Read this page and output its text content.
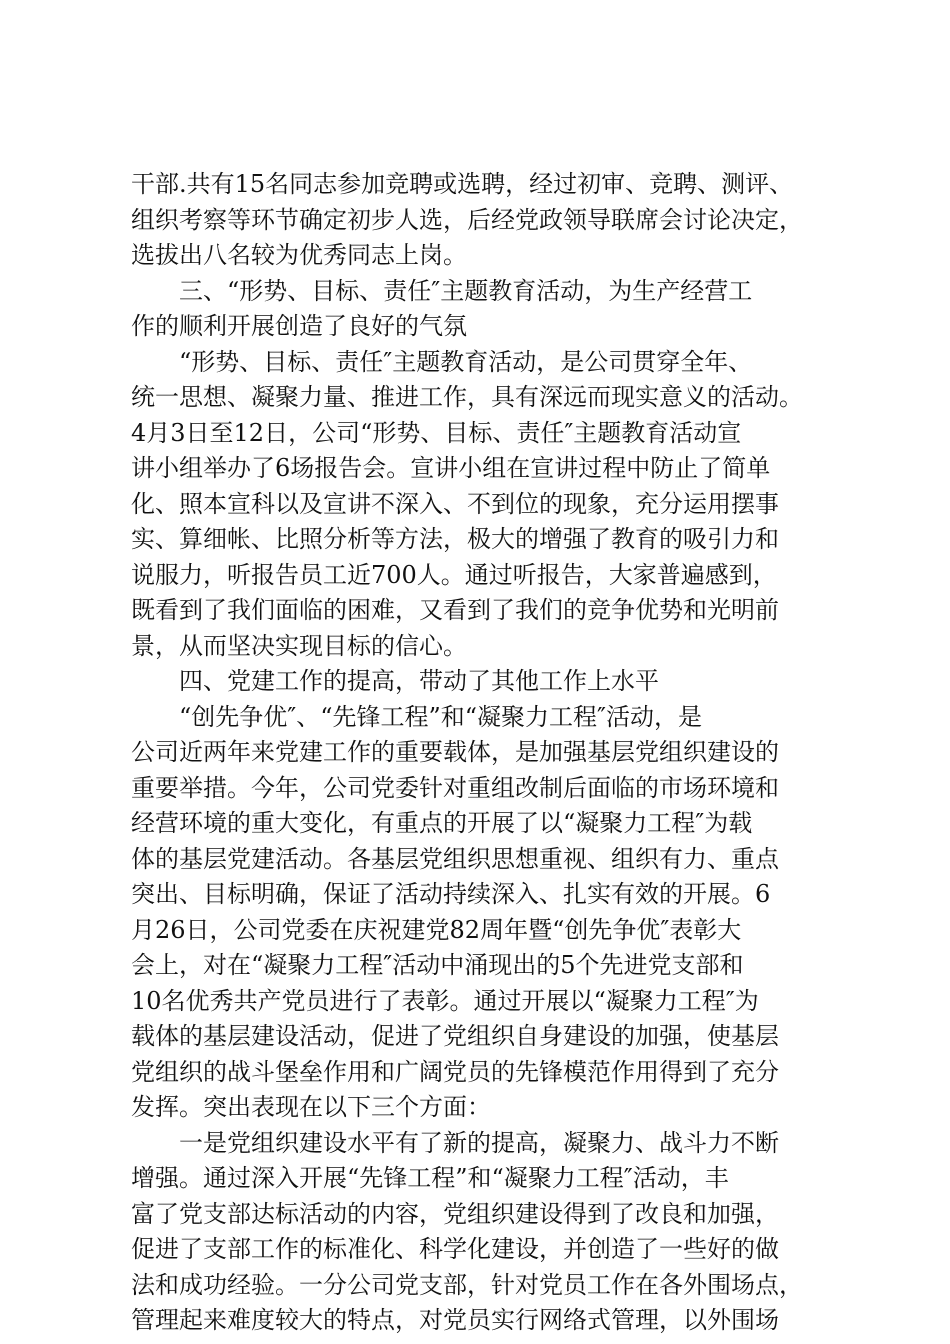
干部.共有15名同志参加竞聘或选聘，经过初审、竞聘、测评、
组织考察等环节确定初步人选，后经党政领导联席会讨论决定，
选拔出八名较为优秀同志上岗。
三、“形势、目标、责任″主题教育活动，为生产经营工
作的顺利开展创造了良好的气氛
“形势、目标、责任″主题教育活动，是公司贯穿全年、
统一思想、凝聚力量、推进工作，具有深远而现实意义的活动。
4月3日至12日，公司“形势、目标、责任″主题教育活动宣
讲小组举办了6场报告会。宣讲小组在宣讲过程中防止了简单
化、照本宣科以及宣讲不深入、不到位的现象，充分运用摆事
实、算细帐、比照分析等方法，极大的增强了教育的吸引力和
说服力，听报告员工近700人。通过听报告，大家普遍感到，
既看到了我们面临的困难，又看到了我们的竞争优势和光明前
景，从而坚决实现目标的信心。
四、党建工作的提高，带动了其他工作上水平
“创先争优″、“先锋工程”和“凝聚力工程″活动，是
公司近两年来党建工作的重要载体，是加强基层党组织建设的
重要举措。今年，公司党委针对重组改制后面临的市场环境和
经营环境的重大变化，有重点的开展了以“凝聚力工程″为载
体的基层党建活动。各基层党组织思想重视、组织有力、重点
突出、目标明确，保证了活动持续深入、扎实有效的开展。6
月26日，公司党委在庆祝建党82周年暨“创先争优″表彰大
会上，对在“凝聚力工程″活动中涌现出的5个先进党支部和
10名优秀共产党员进行了表彰。通过开展以“凝聚力工程″为
载体的基层建设活动，促进了党组织自身建设的加强，使基层
党组织的战斗堡垒作用和广阔党员的先锋模范作用得到了充分
发挥。突出表现在以下三个方面：
一是党组织建设水平有了新的提高，凝聚力、战斗力不断
增强。通过深入开展“先锋工程”和“凝聚力工程″活动，丰
富了党支部达标活动的内容，党组织建设得到了改良和加强，
促进了支部工作的标准化、科学化建设，并创造了一些好的做
法和成功经验。一分公司党支部，针对党员工作在各外围场点，
管理起来难度较大的特点，对党员实行网络式管理，以外围场
